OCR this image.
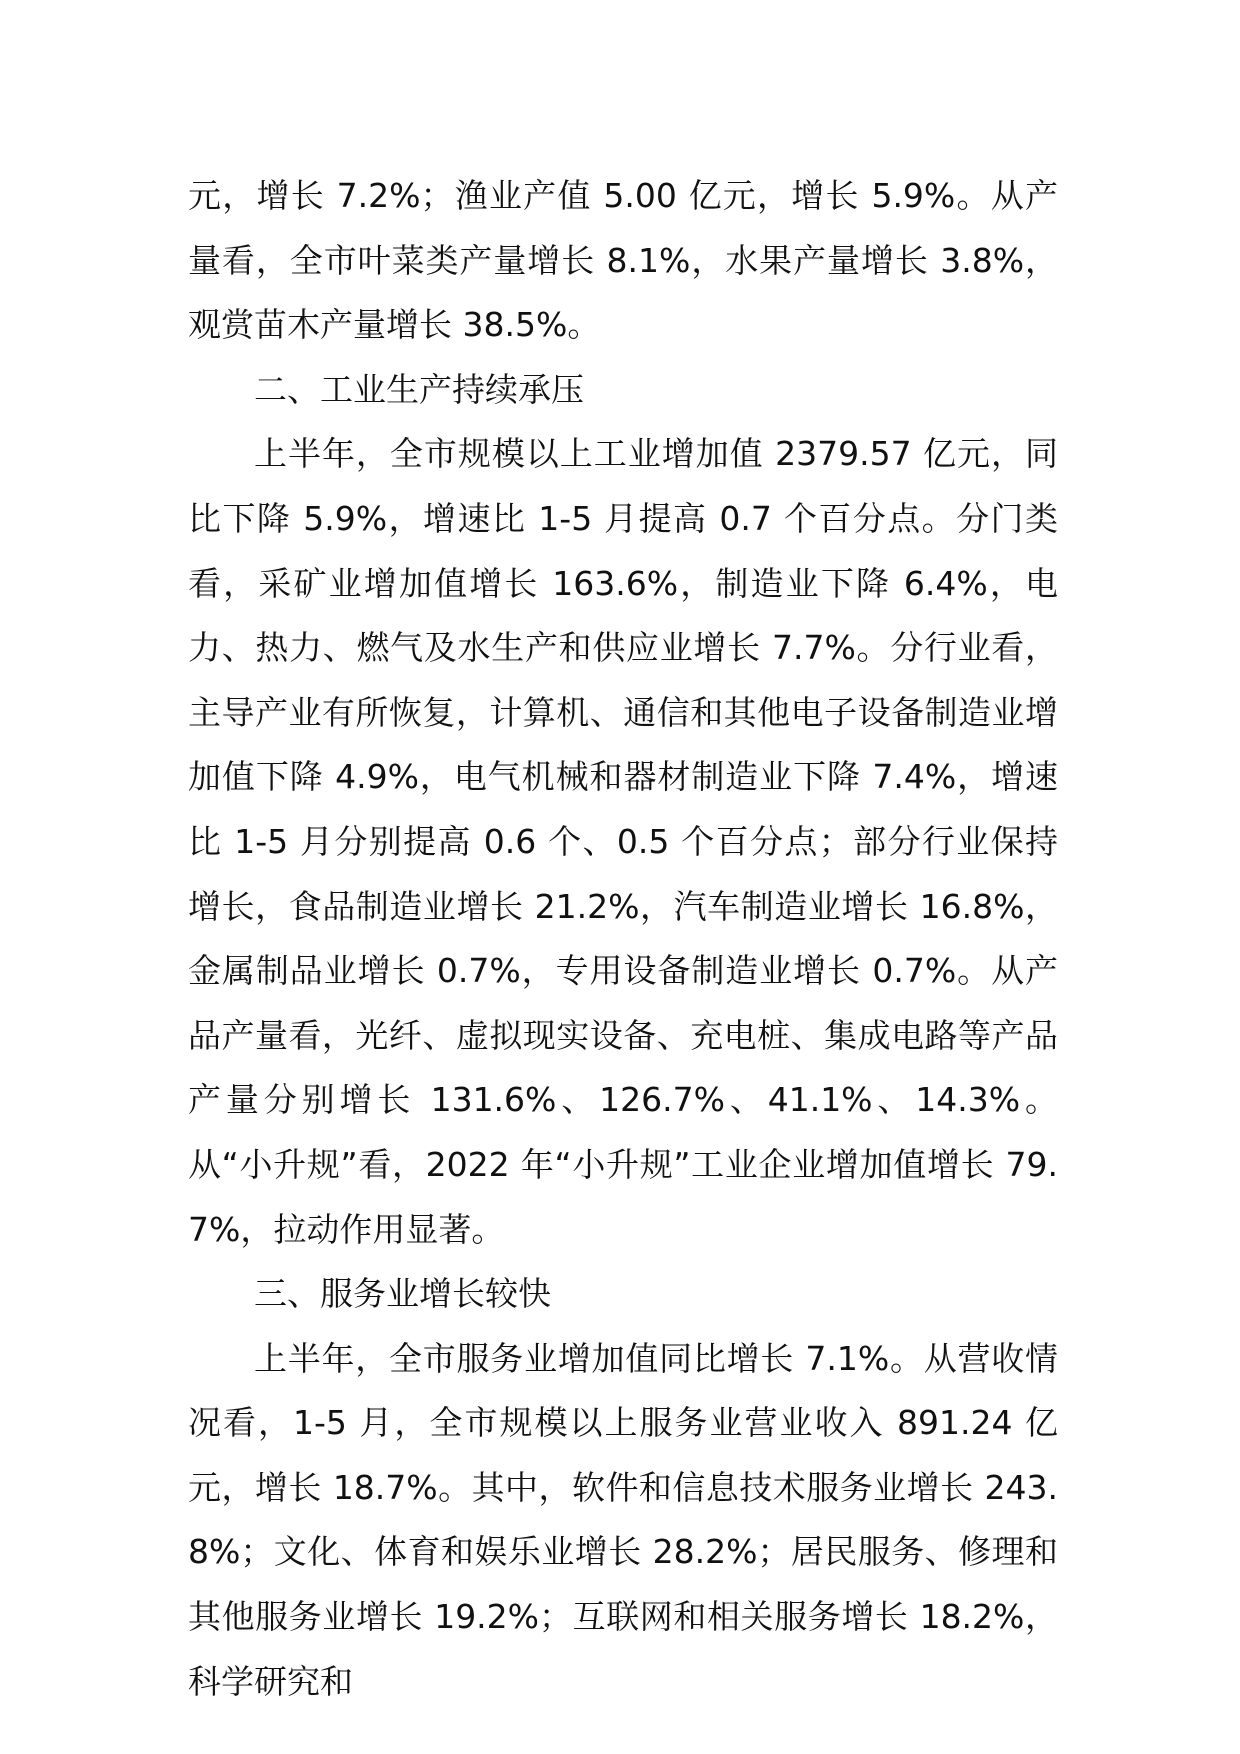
元，增长 7.2%；渔业产值 5.00 亿元，增长 5.9%。从产量看，全市叶菜类产量增长 8.1%，水果产量增长 3.8%，观赏苗木产量增长 38.5%。

二、工业生产持续承压

上半年，全市规模以上工业增加值 2379.57 亿元，同比下降 5.9%，增速比 1-5 月提高 0.7 个百分点。分门类看，采矿业增加值增长 163.6%，制造业下降 6.4%，电力、热力、燃气及水生产和供应业增长 7.7%。分行业看，主导产业有所恢复，计算机、通信和其他电子设备制造业增加值下降 4.9%，电气机械和器材制造业下降 7.4%，增速比 1-5 月分别提高 0.6 个、0.5 个百分点；部分行业保持增长，食品制造业增长 21.2%，汽车制造业增长 16.8%，金属制品业增长 0.7%，专用设备制造业增长 0.7%。从产品产量看，光纤、虚拟现实设备、充电桩、集成电路等产品产量分别增长 131.6%、126.7%、41.1%、14.3%。从“小升规”看，2022 年“小升规”工业企业增加值增长 79.7%，拉动作用显著。

三、服务业增长较快

上半年，全市服务业增加值同比增长 7.1%。从营收情况看，1-5 月，全市规模以上服务业营业收入 891.24 亿元，增长 18.7%。其中，软件和信息技术服务业增长 243.8%；文化、体育和娱乐业增长 28.2%；居民服务、修理和其他服务业增长 19.2%；互联网和相关服务增长 18.2%，科学研究和
